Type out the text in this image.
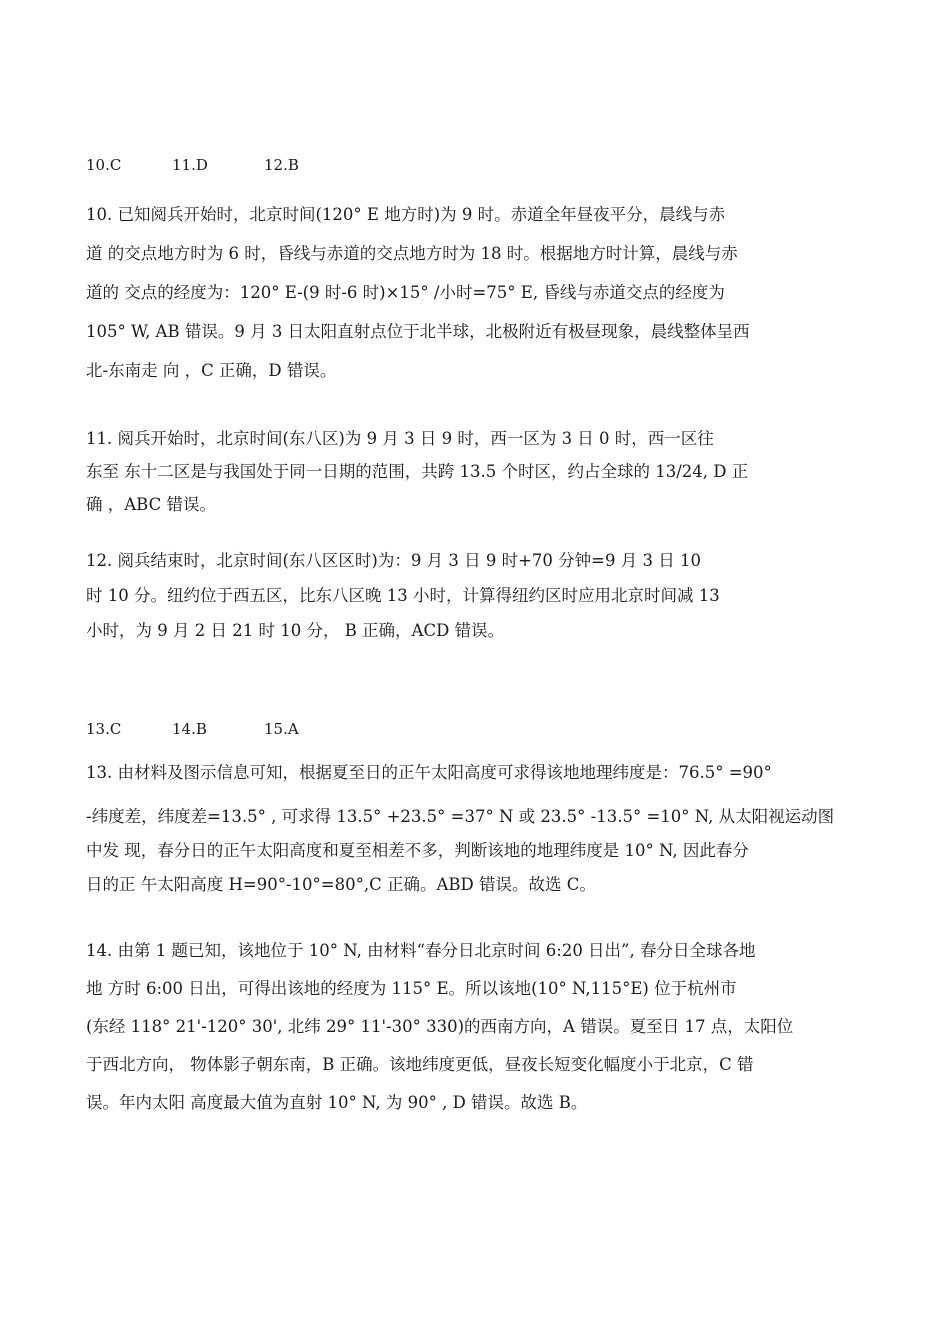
10.C	11.D	12.B
10. 已知阅兵开始时，北京时间(120° E 地方时)为 9 时。赤道全年昼夜平分，晨线与赤
道 的交点地方时为 6 时，昏线与赤道的交点地方时为 18 时。根据地方时计算，晨线与赤
道的 交点的经度为：120° E-(9 时-6 时)×15° /小时=75° E, 昏线与赤道交点的经度为
105° W, AB 错误。9 月 3 日太阳直射点位于北半球，北极附近有极昼现象，晨线整体呈西
北-东南走 向 ，C 正确，D 错误。
11. 阅兵开始时，北京时间(东八区)为 9 月 3 日 9 时，西一区为 3 日 0 时，西一区往
东至 东十二区是与我国处于同一日期的范围，共跨 13.5 个时区，约占全球的 13/24, D 正
确 ，ABC 错误。
12. 阅兵结束时，北京时间(东八区区时)为：9 月 3 日 9 时+70 分钟=9 月 3 日 10
时 10 分。纽约位于西五区，比东八区晚 13 小时，计算得纽约区时应用北京时间减 13
小时，为 9 月 2 日 21 时 10 分， B 正确，ACD 错误。
13.C	14.B	15.A
13. 由材料及图示信息可知，根据夏至日的正午太阳高度可求得该地地理纬度是：76.5° =90°
-纬度差，纬度差=13.5° , 可求得 13.5° +23.5° =37° N 或 23.5° -13.5° =10° N, 从太阳视运动图
中发 现，春分日的正午太阳高度和夏至相差不多，判断该地的地理纬度是 10° N, 因此春分
日的正 午太阳高度 H=90°-10°=80°,C 正确。ABD 错误。故选 C。
14. 由第 1 题已知，该地位于 10° N, 由材料“春分日北京时间 6:20 日出”, 春分日全球各地
地 方时 6:00 日出，可得出该地的经度为 115° E。所以该地(10° N,115°E) 位于杭州市
(东经 118° 21'-120° 30', 北纬 29° 11'-30° 330)的西南方向，A 错误。夏至日 17 点，太阳位
于西北方向， 物体影子朝东南，B 正确。该地纬度更低，昼夜长短变化幅度小于北京，C 错
误。年内太阳 高度最大值为直射 10° N, 为 90° , D 错误。故选 B。
